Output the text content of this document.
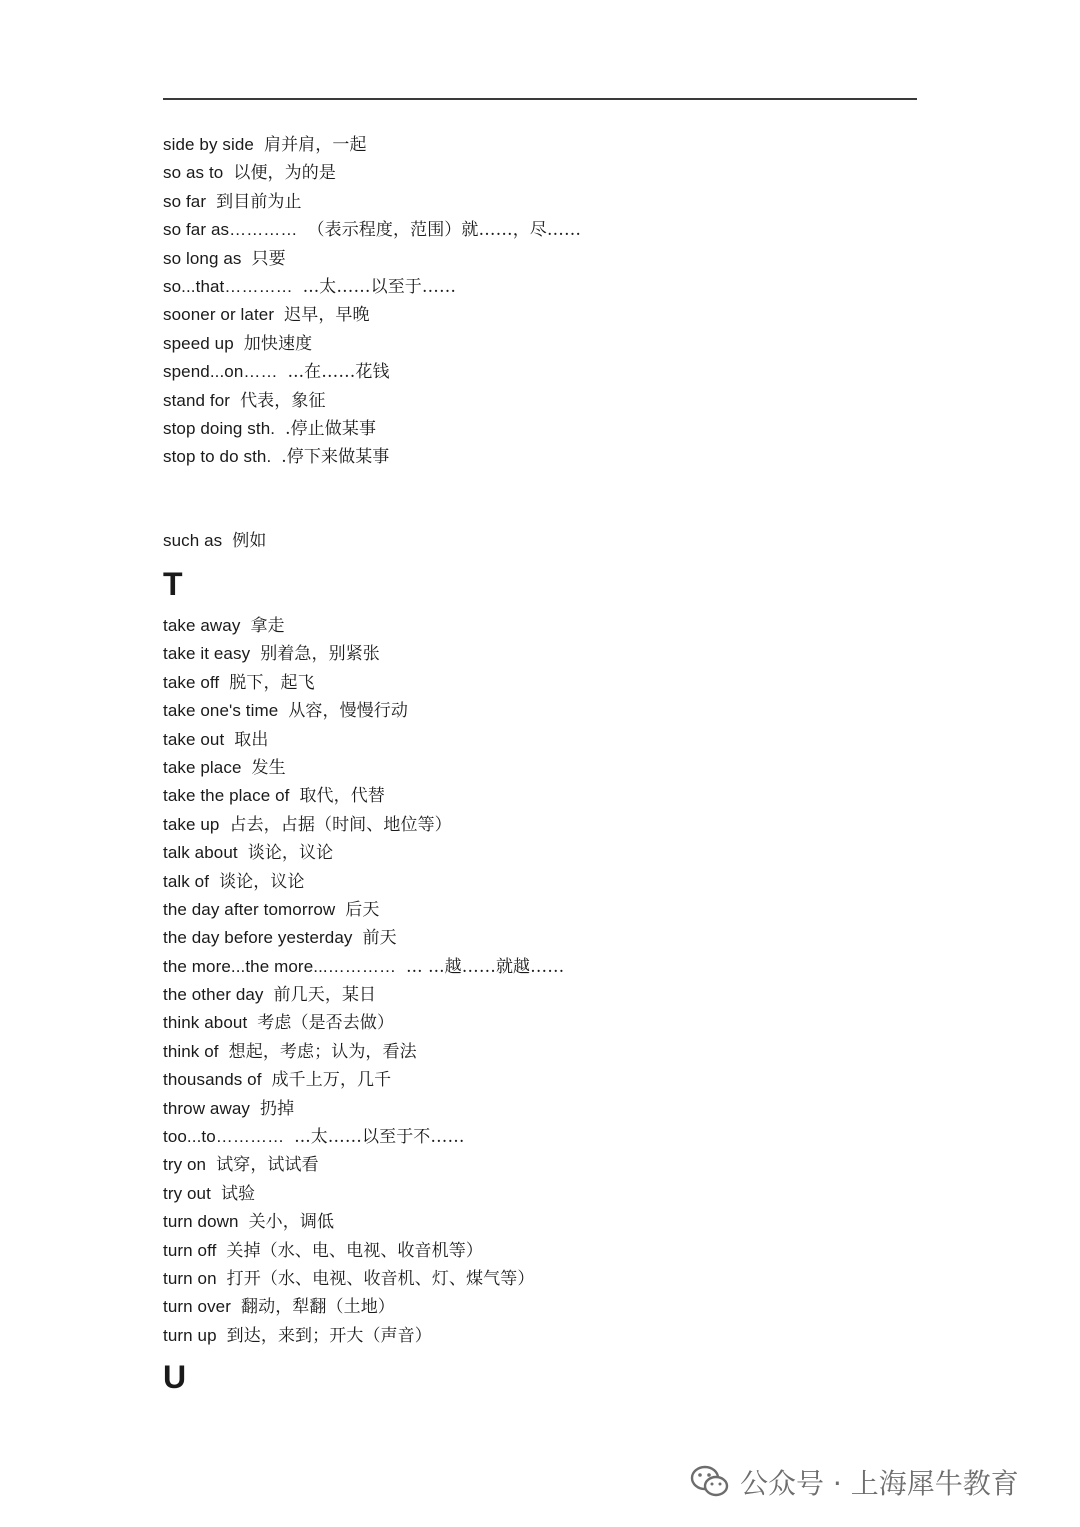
side by side 肩并肩，一起
so as to 以便，为的是
so far 到目前为止
so far as………… （表示程度，范围）就……，尽……
so long as 只要
so...that………… ...太……以至于……
sooner or later 迟早，早晚
speed up 加快速度
spend...on…… ...在……花钱
stand for 代表，象征
stop doing sth. .停止做某事
stop to do sth. .停下来做某事
such as 例如
T
take away 拿走
take it easy 别着急，别紧张
take off 脱下，起飞
take one's time 从容，慢慢行动
take out 取出
take place 发生
take the place of 取代，代替
take up 占去，占据（时间、地位等）
talk about 谈论，议论
talk of 谈论，议论
the day after tomorrow 后天
the day before yesterday 前天
the more...the more...………… ... ...越……就越……
the other day 前几天，某日
think about 考虑（是否去做）
think of 想起，考虑；认为，看法
thousands of 成千上万，几千
throw away 扔掉
too...to………… ...太……以至于不……
try on 试穿，试试看
try out 试验
turn down 关小，调低
turn off 关掉（水、电、电视、收音机等）
turn on 打开（水、电视、收音机、灯、煤气等）
turn over 翻动，犁翻（土地）
turn up 到达，来到；开大（声音）
U
公众号 · 上海犀牛教育
